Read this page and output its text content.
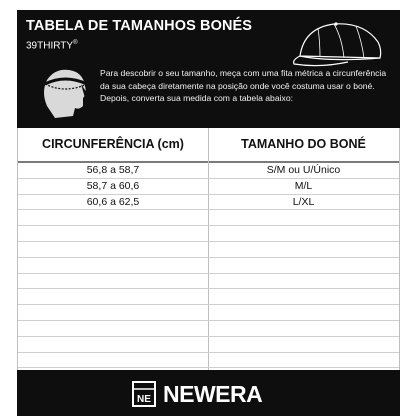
TABELA DE TAMANHOS BONÉS
39THIRTY®

Para descobrir o seu tamanho, meça com uma fita métrica a circunferência da sua cabeça diretamente na posição onde você costuma usar o boné.

Depois, converta sua medida com a tabela abaixo:

CIRCUNFERÊNCIA (cm)	TAMANHO DO BONÉ
56,8 a 58,7	S/M ou U/Único
58,7 a 60,6	M/L
60,6 a 62,5	L/XL
NE NEWERA
